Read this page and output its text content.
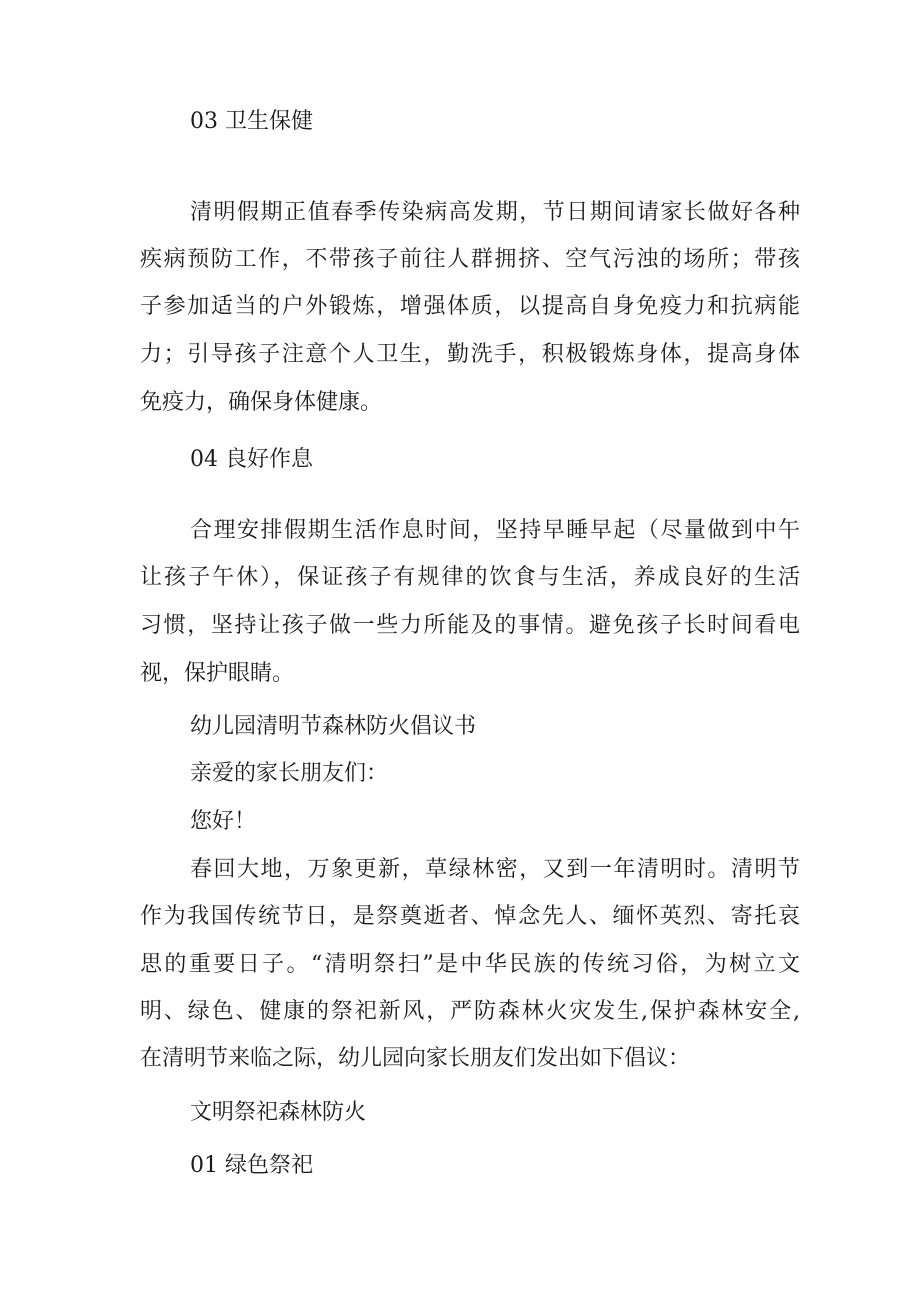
03 卫生保健

清明假期正值春季传染病高发期，节日期间请家长做好各种

疾病预防工作，不带孩子前往人群拥挤、空气污浊的场所；带孩

子参加适当的户外锻炼，增强体质，以提高自身免疫力和抗病能

力；引导孩子注意个人卫生，勤洗手，积极锻炼身体，提高身体

免疫力，确保身体健康。

04 良好作息

合理安排假期生活作息时间，坚持早睡早起（尽量做到中午

让孩子午休），保证孩子有规律的饮食与生活，养成良好的生活

习惯，坚持让孩子做一些力所能及的事情。避免孩子长时间看电

视，保护眼睛。

幼儿园清明节森林防火倡议书

亲爱的家长朋友们：

您好！

春回大地，万象更新，草绿林密，又到一年清明时。清明节

作为我国传统节日，是祭奠逝者、悼念先人、缅怀英烈、寄托哀

思的重要日子。“清明祭扫”是中华民族的传统习俗，为树立文

明、绿色、健康的祭祀新风，严防森林火灾发生,保护森林安全,

在清明节来临之际，幼儿园向家长朋友们发出如下倡议：

文明祭祀森林防火

01 绿色祭祀
